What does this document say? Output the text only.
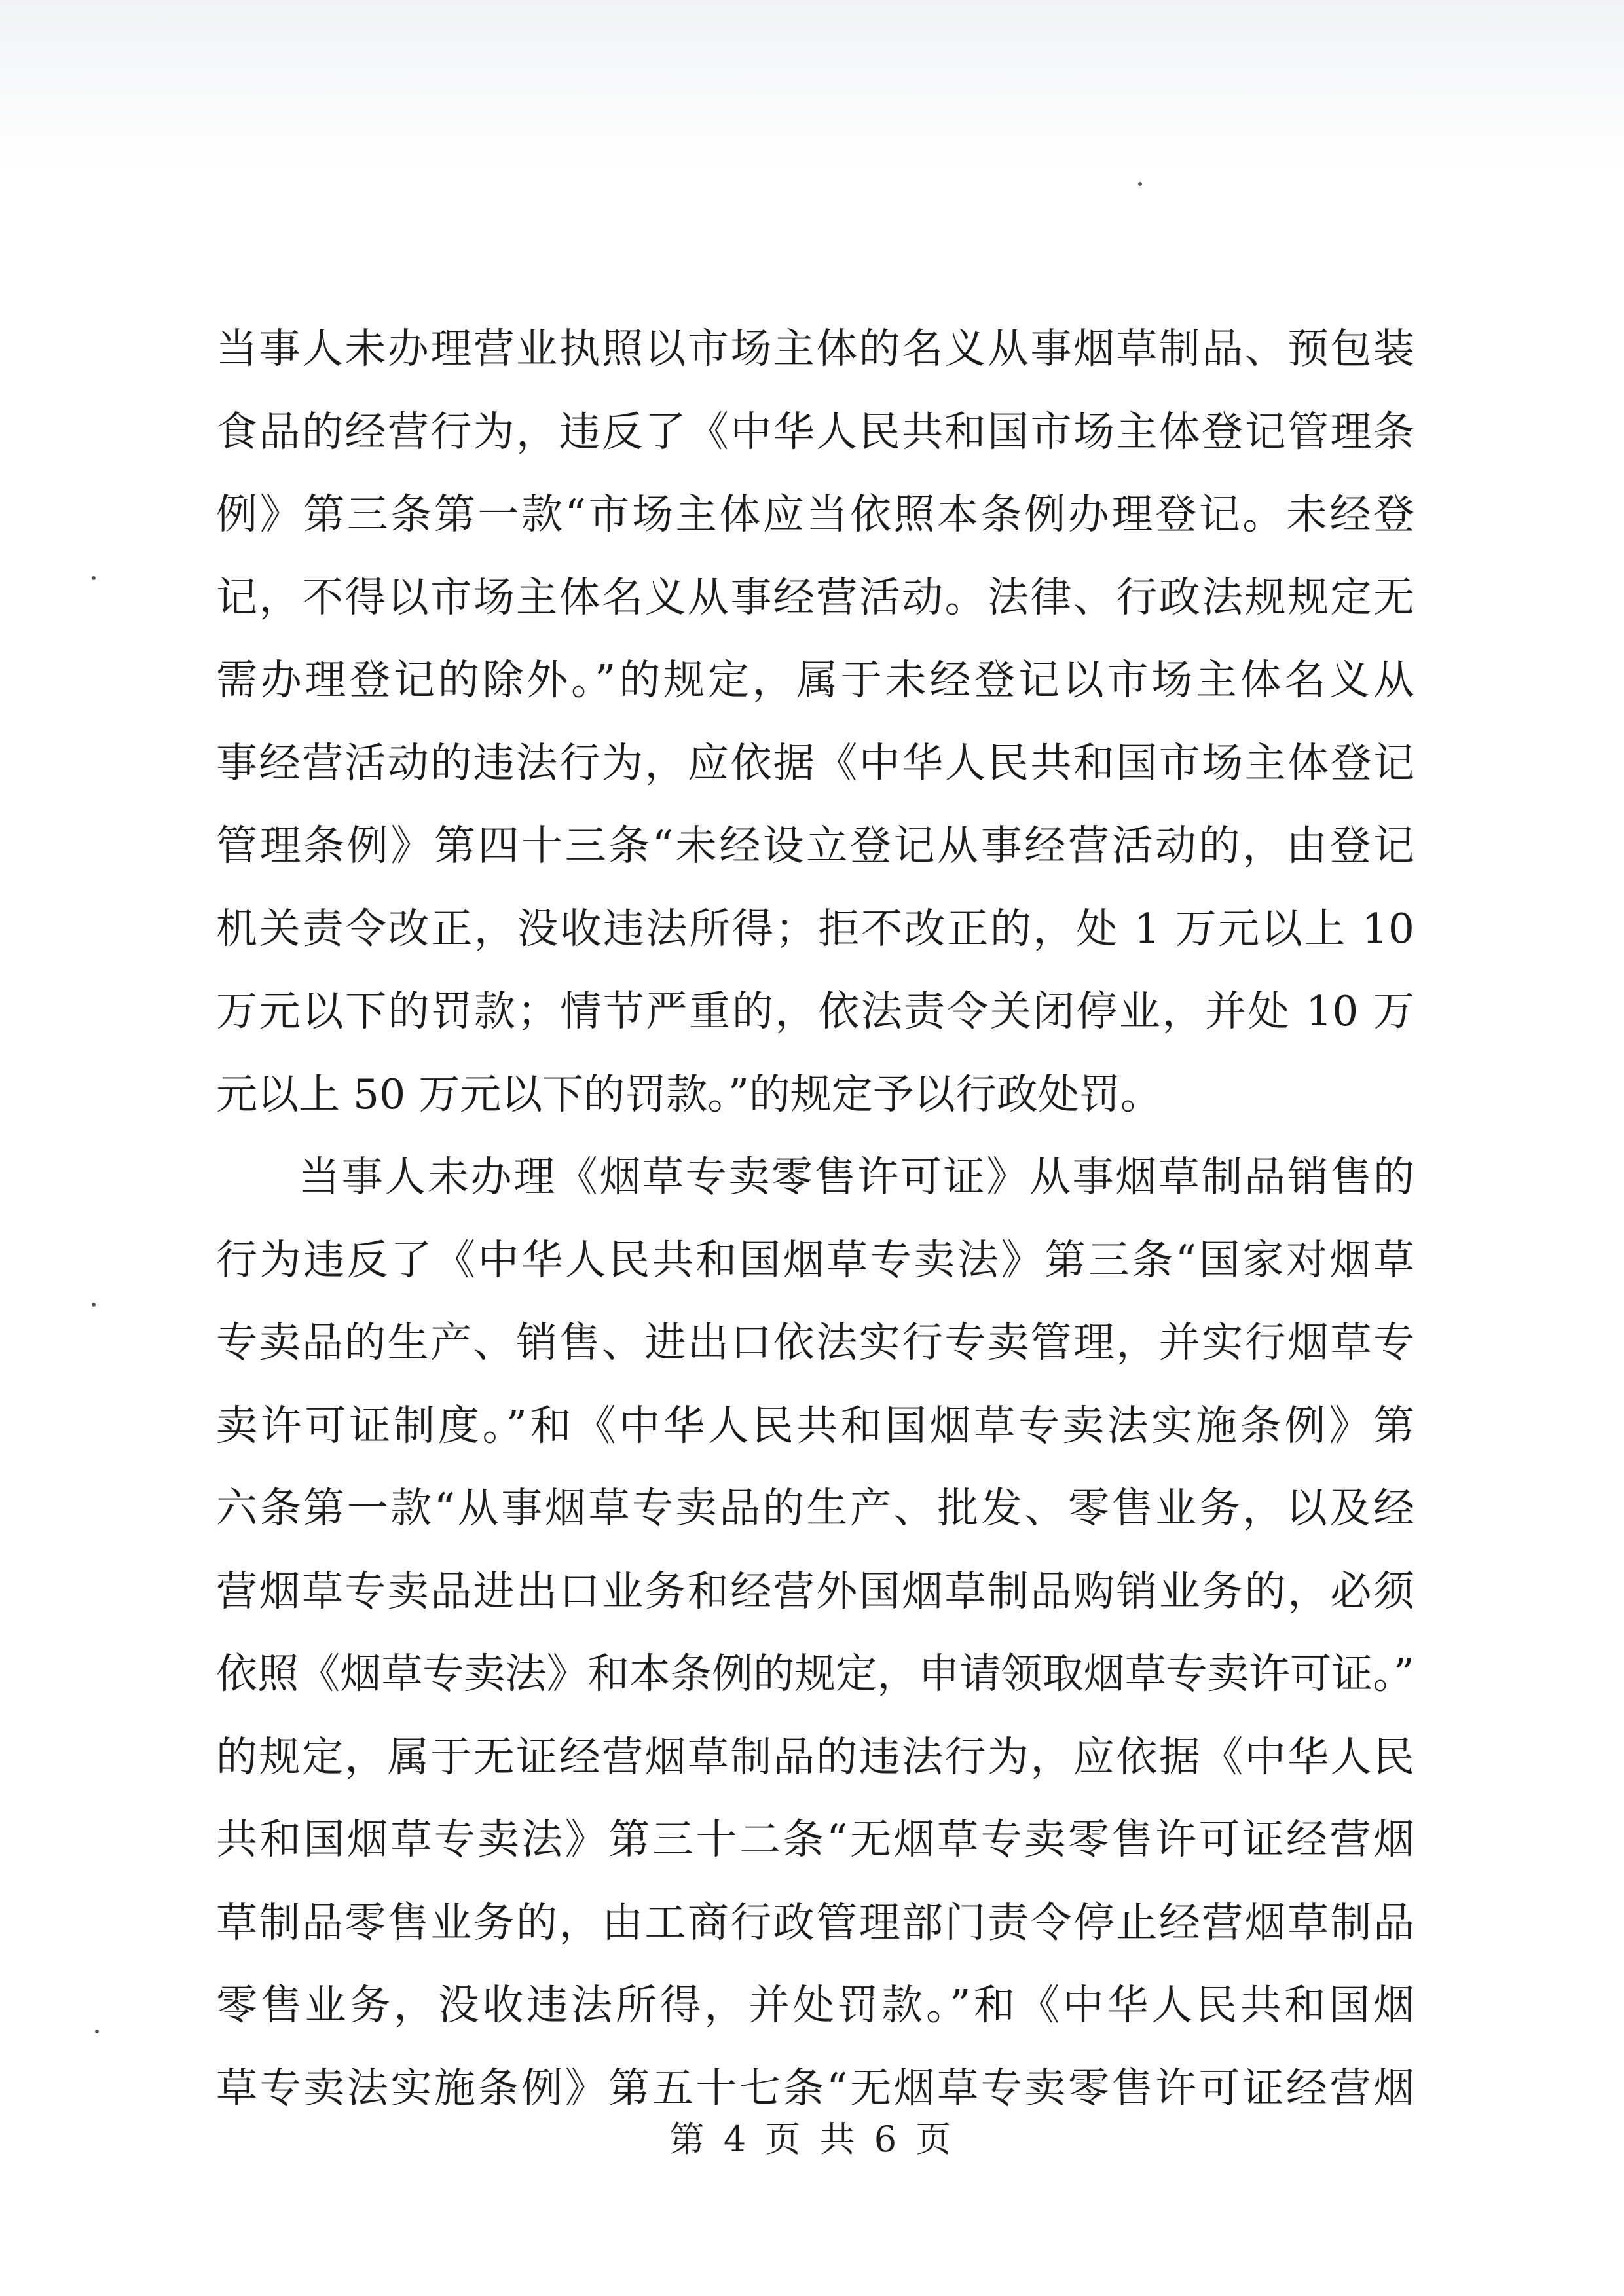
当事人未办理营业执照以市场主体的名义从事烟草制品、预包装
食品的经营行为，违反了《中华人民共和国市场主体登记管理条
例》第三条第一款“市场主体应当依照本条例办理登记。未经登
记，不得以市场主体名义从事经营活动。法律、行政法规规定无
需办理登记的除外。”的规定，属于未经登记以市场主体名义从
事经营活动的违法行为，应依据《中华人民共和国市场主体登记
管理条例》第四十三条“未经设立登记从事经营活动的，由登记
机关责令改正，没收违法所得；拒不改正的，处 1 万元以上 10
万元以下的罚款；情节严重的，依法责令关闭停业，并处 10 万
元以上 50 万元以下的罚款。”的规定予以行政处罚。
当事人未办理《烟草专卖零售许可证》从事烟草制品销售的
行为违反了《中华人民共和国烟草专卖法》第三条“国家对烟草
专卖品的生产、销售、进出口依法实行专卖管理，并实行烟草专
卖许可证制度。”和《中华人民共和国烟草专卖法实施条例》第
六条第一款“从事烟草专卖品的生产、批发、零售业务，以及经
营烟草专卖品进出口业务和经营外国烟草制品购销业务的，必须
依照《烟草专卖法》和本条例的规定，申请领取烟草专卖许可证。”
的规定，属于无证经营烟草制品的违法行为，应依据《中华人民
共和国烟草专卖法》第三十二条“无烟草专卖零售许可证经营烟
草制品零售业务的，由工商行政管理部门责令停止经营烟草制品
零售业务，没收违法所得，并处罚款。”和《中华人民共和国烟
草专卖法实施条例》第五十七条“无烟草专卖零售许可证经营烟
第 4 页 共 6 页
